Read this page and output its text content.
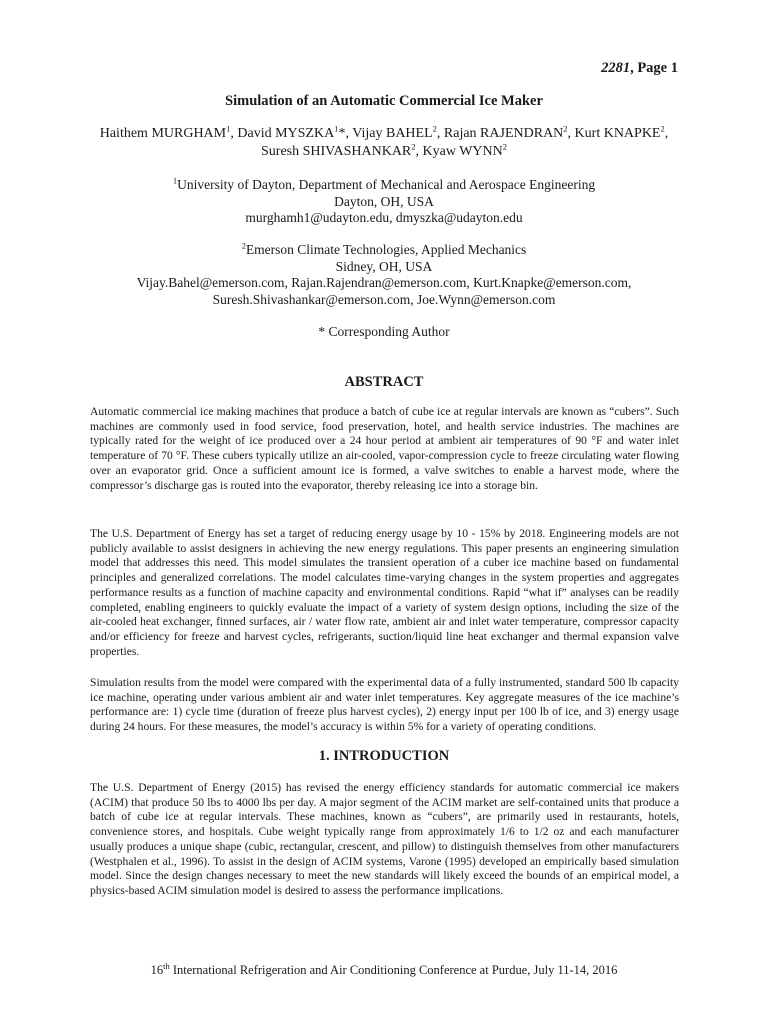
2281, Page 1
Simulation of an Automatic Commercial Ice Maker
Haithem MURGHAM$^1$, David MYSZKA$^1$*, Vijay BAHEL$^2$, Rajan RAJENDRAN$^2$, Kurt KNAPKE$^2$,
Suresh SHIVASHANKAR$^2$, Kyaw WYNN$^2$
$^1$University of Dayton, Department of Mechanical and Aerospace Engineering
Dayton, OH, USA
murghamh1@udayton.edu, dmyszka@udayton.edu
$^2$Emerson Climate Technologies, Applied Mechanics
Sidney, OH, USA
Vijay.Bahel@emerson.com, Rajan.Rajendran@emerson.com, Kurt.Knapke@emerson.com,
Suresh.Shivashankar@emerson.com, Joe.Wynn@emerson.com
* Corresponding Author
ABSTRACT
Automatic commercial ice making machines that produce a batch of cube ice at regular intervals are known as “cubers”. Such machines are commonly used in food service, food preservation, hotel, and health service industries. The machines are typically rated for the weight of ice produced over a 24 hour period at ambient air temperatures of 90 °F and water inlet temperature of 70 °F. These cubers typically utilize an air-cooled, vapor-compression cycle to freeze circulating water flowing over an evaporator grid. Once a sufficient amount ice is formed, a valve switches to enable a harvest mode, where the compressor’s discharge gas is routed into the evaporator, thereby releasing ice into a storage bin.
The U.S. Department of Energy has set a target of reducing energy usage by 10 - 15% by 2018. Engineering models are not publicly available to assist designers in achieving the new energy regulations. This paper presents an engineering simulation model that addresses this need. This model simulates the transient operation of a cuber ice machine based on fundamental principles and generalized correlations. The model calculates time-varying changes in the system properties and aggregates performance results as a function of machine capacity and environmental conditions. Rapid “what if” analyses can be readily completed, enabling engineers to quickly evaluate the impact of a variety of system design options, including the size of the air-cooled heat exchanger, finned surfaces, air / water flow rate, ambient air and inlet water temperature, compressor capacity and/or efficiency for freeze and harvest cycles, refrigerants, suction/liquid line heat exchanger and thermal expansion valve properties.
Simulation results from the model were compared with the experimental data of a fully instrumented, standard 500 lb capacity ice machine, operating under various ambient air and water inlet temperatures. Key aggregate measures of the ice machine’s performance are: 1) cycle time (duration of freeze plus harvest cycles), 2) energy input per 100 lb of ice, and 3) energy usage during 24 hours. For these measures, the model’s accuracy is within 5% for a variety of operating conditions.
1. INTRODUCTION
The U.S. Department of Energy (2015) has revised the energy efficiency standards for automatic commercial ice makers (ACIM) that produce 50 lbs to 4000 lbs per day. A major segment of the ACIM market are self-contained units that produce a batch of cube ice at regular intervals. These machines, known as “cubers”, are primarily used in restaurants, hotels, convenience stores, and hospitals. Cube weight typically range from approximately 1/6 to 1/2 oz and each manufacturer usually produces a unique shape (cubic, rectangular, crescent, and pillow) to distinguish themselves from other manufacturers (Westphalen et al., 1996). To assist in the design of ACIM systems, Varone (1995) developed an empirically based simulation model. Since the design changes necessary to meet the new standards will likely exceed the bounds of an empirical model, a physics-based ACIM simulation model is desired to assess the performance implications.
16th International Refrigeration and Air Conditioning Conference at Purdue, July 11-14, 2016
